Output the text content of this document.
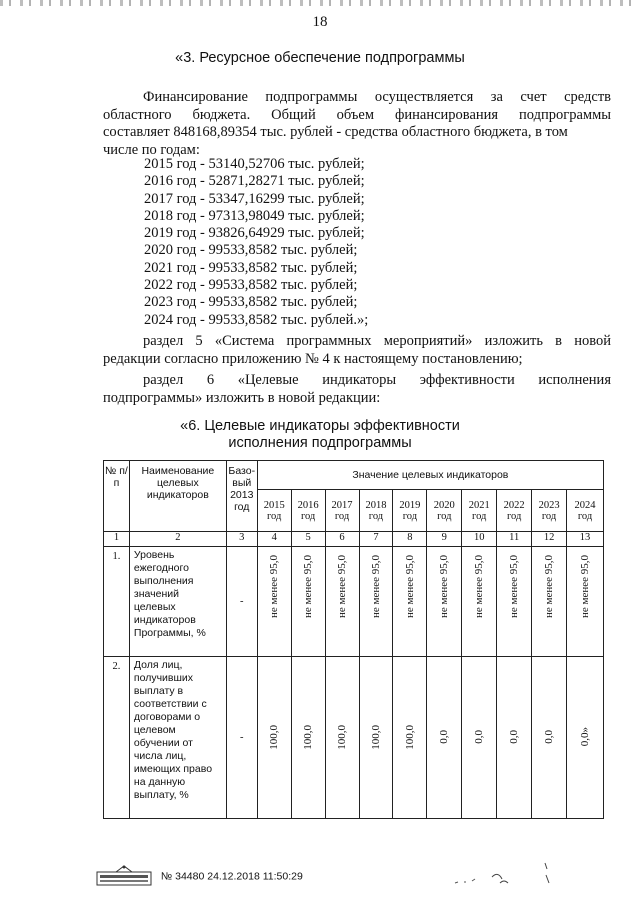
18
«3. Ресурсное обеспечение подпрограммы
Финансирование подпрограммы осуществляется за счет средств
областного бюджета. Общий объем финансирования подпрограммы
составляет 848168,89354 тыс. рублей - средства областного бюджета, в том
числе по годам:
2015 год - 53140,52706 тыс. рублей;
2016 год - 52871,28271 тыс. рублей;
2017 год - 53347,16299 тыс. рублей;
2018 год - 97313,98049 тыс. рублей;
2019 год - 93826,64929 тыс. рублей;
2020 год - 99533,8582 тыс. рублей;
2021 год - 99533,8582 тыс. рублей;
2022 год - 99533,8582 тыс. рублей;
2023 год - 99533,8582 тыс. рублей;
2024 год - 99533,8582 тыс. рублей.»;
раздел 5 «Система программных мероприятий» изложить в новой
редакции согласно приложению № 4 к настоящему постановлению;
раздел 6 «Целевые индикаторы эффективности исполнения
подпрограммы» изложить в новой редакции:
«6. Целевые индикаторы эффективности
исполнения подпрограммы
№ п/п	Наименование целевых индикаторов	Базо-вый 2013 год	Значение целевых индикаторов									
			2015 год	2016 год	2017 год	2018 год	2019 год	2020 год	2021 год	2022 год	2023 год	2024 год
1	2	3	4	5	6	7	8	9	10	11	12	13
1.	Уровень ежегодного выполнения значений целевых индикаторов Программы, %	-	не менее 95,0	не менее 95,0	не менее 95,0	не менее 95,0	не менее 95,0	не менее 95,0	не менее 95,0	не менее 95,0	не менее 95,0	не менее 95,0
2.	Доля лиц, получивших выплату в соответствии с договорами о целевом обучении от числа лиц, имеющих право на данную выплату, %	-	100,0	100,0	100,0	100,0	100,0	0,0	0,0	0,0	0,0	0,0»
№ 34480 24.12.2018 11:50:29
